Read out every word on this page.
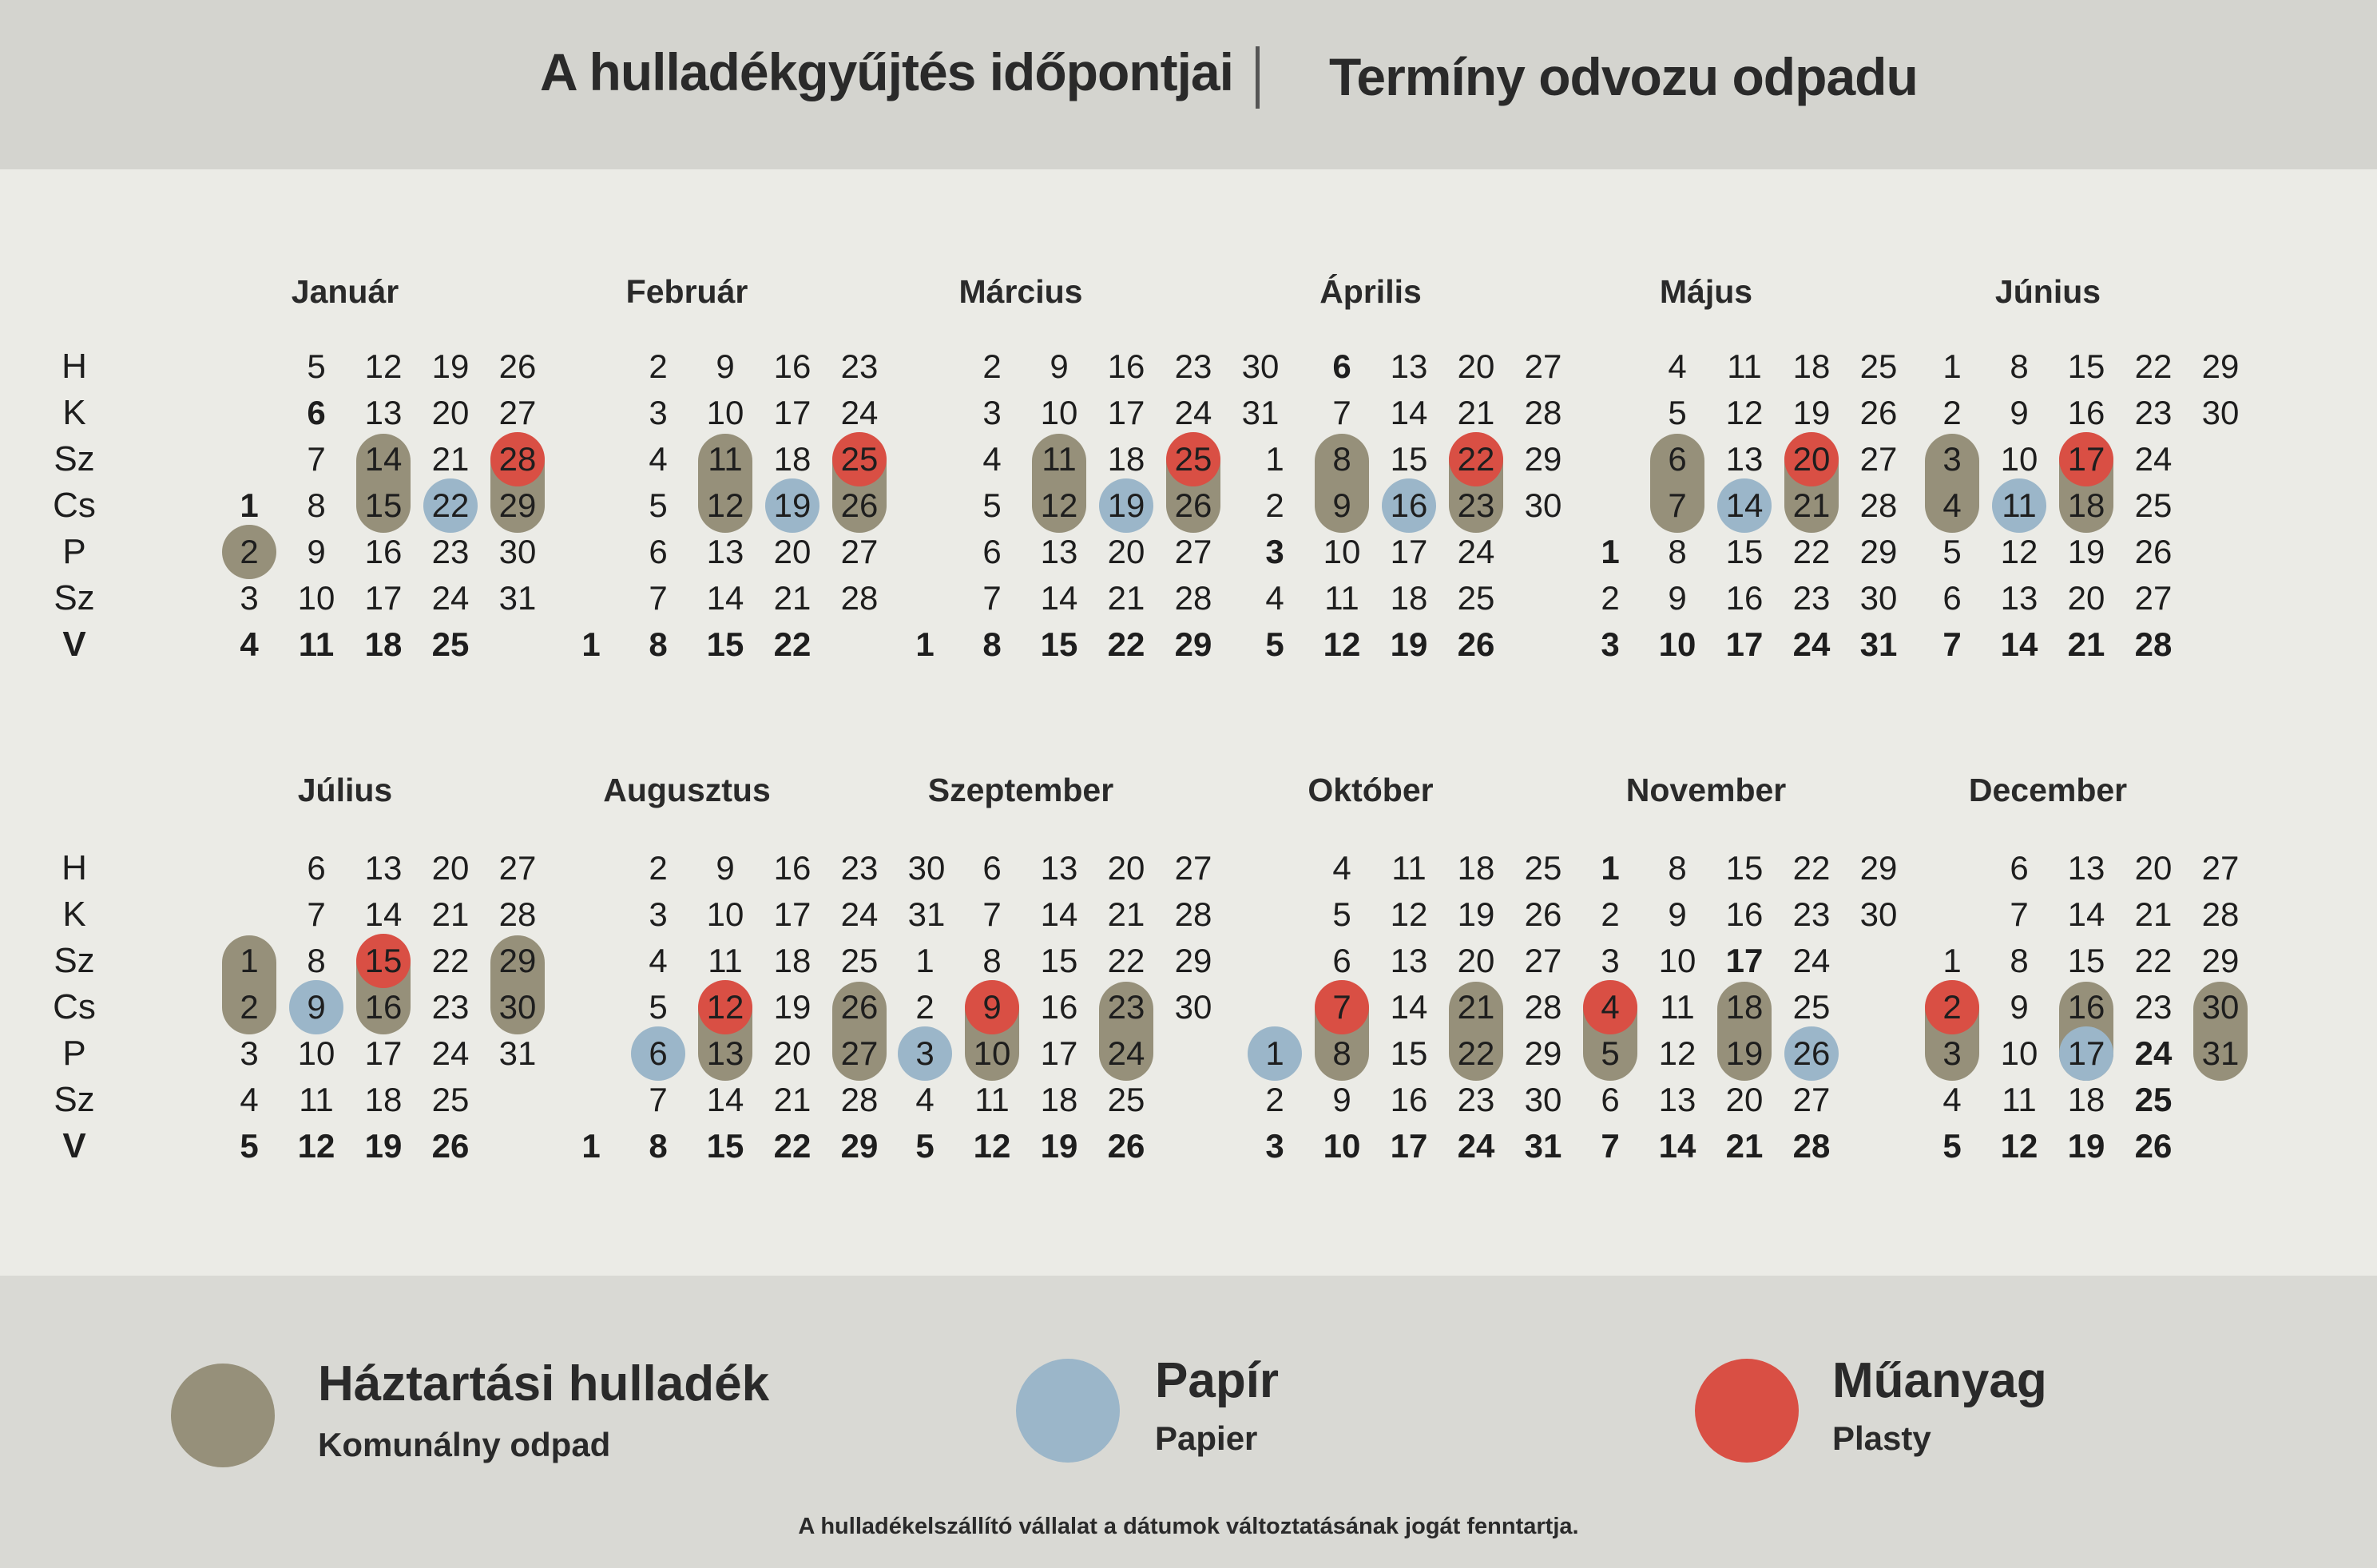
A hulladékgyűjtés időpontjai Termíny odvozu odpadu
H
K
Sz
Cs
P
Sz
V
H
K
Sz
Cs
P
Sz
V
Január
1
2
3
4
5
6
7
8
9
10
11
12
13
14
15
16
17
18
19
20
21
22
23
24
25
26
27
28
29
30
31
Február
1
2
3
4
5
6
7
8
9
10
11
12
13
14
15
16
17
18
19
20
21
22
23
24
25
26
27
28
Március
1
2
3
4
5
6
7
8
9
10
11
12
13
14
15
16
17
18
19
20
21
22
23
24
25
26
27
28
29
30
31
Április
1
2
3
4
5
6
7
8
9
10
11
12
13
14
15
16
17
18
19
20
21
22
23
24
25
26
27
28
29
30
Május
1
2
3
4
5
6
7
8
9
10
11
12
13
14
15
16
17
18
19
20
21
22
23
24
25
26
27
28
29
30
31
Június
1
2
3
4
5
6
7
8
9
10
11
12
13
14
15
16
17
18
19
20
21
22
23
24
25
26
27
28
29
30
Július
1
2
3
4
5
6
7
8
9
10
11
12
13
14
15
16
17
18
19
20
21
22
23
24
25
26
27
28
29
30
31
Augusztus
1
2
3
4
5
6
7
8
9
10
11
12
13
14
15
16
17
18
19
20
21
22
23
24
25
26
27
28
29
30
31
Szeptember
1
2
3
4
5
6
7
8
9
10
11
12
13
14
15
16
17
18
19
20
21
22
23
24
25
26
27
28
29
30
Október
1
2
3
4
5
6
7
8
9
10
11
12
13
14
15
16
17
18
19
20
21
22
23
24
25
26
27
28
29
30
31
November
1
2
3
4
5
6
7
8
9
10
11
12
13
14
15
16
17
18
19
20
21
22
23
24
25
26
27
28
29
30
December
1
2
3
4
5
6
7
8
9
10
11
12
13
14
15
16
17
18
19
20
21
22
23
24
25
26
27
28
29
30
31
Háztartási hulladék
Komunálny odpad
Papír
Papier
Műanyag
Plasty
A hulladékelszállító vállalat a dátumok változtatásának jogát fenntartja.
